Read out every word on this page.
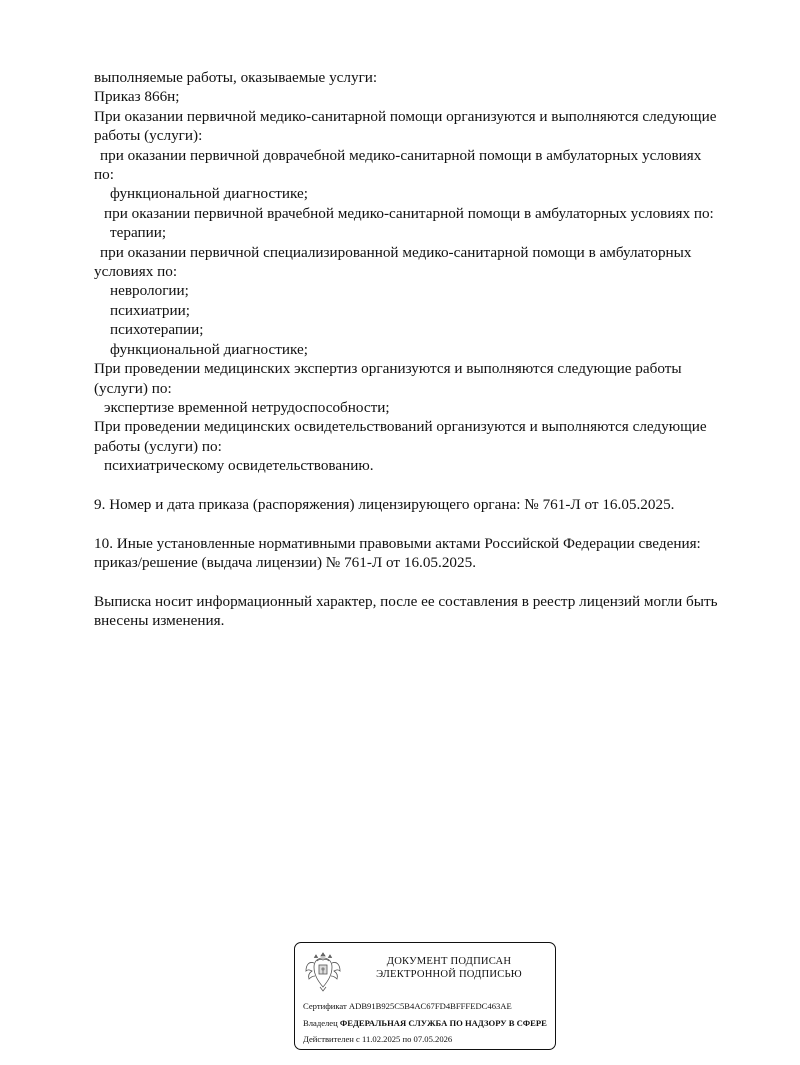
выполняемые работы, оказываемые услуги:
Приказ 866н;
При оказании первичной медико-санитарной помощи организуются и выполняются следующие
работы (услуги):
при оказании первичной доврачебной медико-санитарной помощи в амбулаторных условиях
по:
функциональной диагностике;
при оказании первичной врачебной медико-санитарной помощи в амбулаторных условиях по:
терапии;
при оказании первичной специализированной медико-санитарной помощи в амбулаторных
условиях по:
неврологии;
психиатрии;
психотерапии;
функциональной диагностике;
При проведении медицинских экспертиз организуются и выполняются следующие работы
(услуги) по:
экспертизе временной нетрудоспособности;
При проведении медицинских освидетельствований организуются и выполняются следующие
работы (услуги) по:
психиатрическому освидетельствованию.
9. Номер и дата приказа (распоряжения) лицензирующего органа: № 761-Л от 16.05.2025.
10. Иные установленные нормативными правовыми актами Российской Федерации сведения:
приказ/решение (выдача лицензии) № 761-Л от 16.05.2025.
Выписка носит информационный характер, после ее составления в реестр лицензий могли быть
внесены изменения.
ДОКУМЕНТ ПОДПИСАН
ЭЛЕКТРОННОЙ ПОДПИСЬЮ
Сертификат ADB91B925C5B4AC67FD4BFFFEDC463AE
Владелец ФЕДЕРАЛЬНАЯ СЛУЖБА ПО НАДЗОРУ В СФЕРЕ
Действителен с 11.02.2025 по 07.05.2026
